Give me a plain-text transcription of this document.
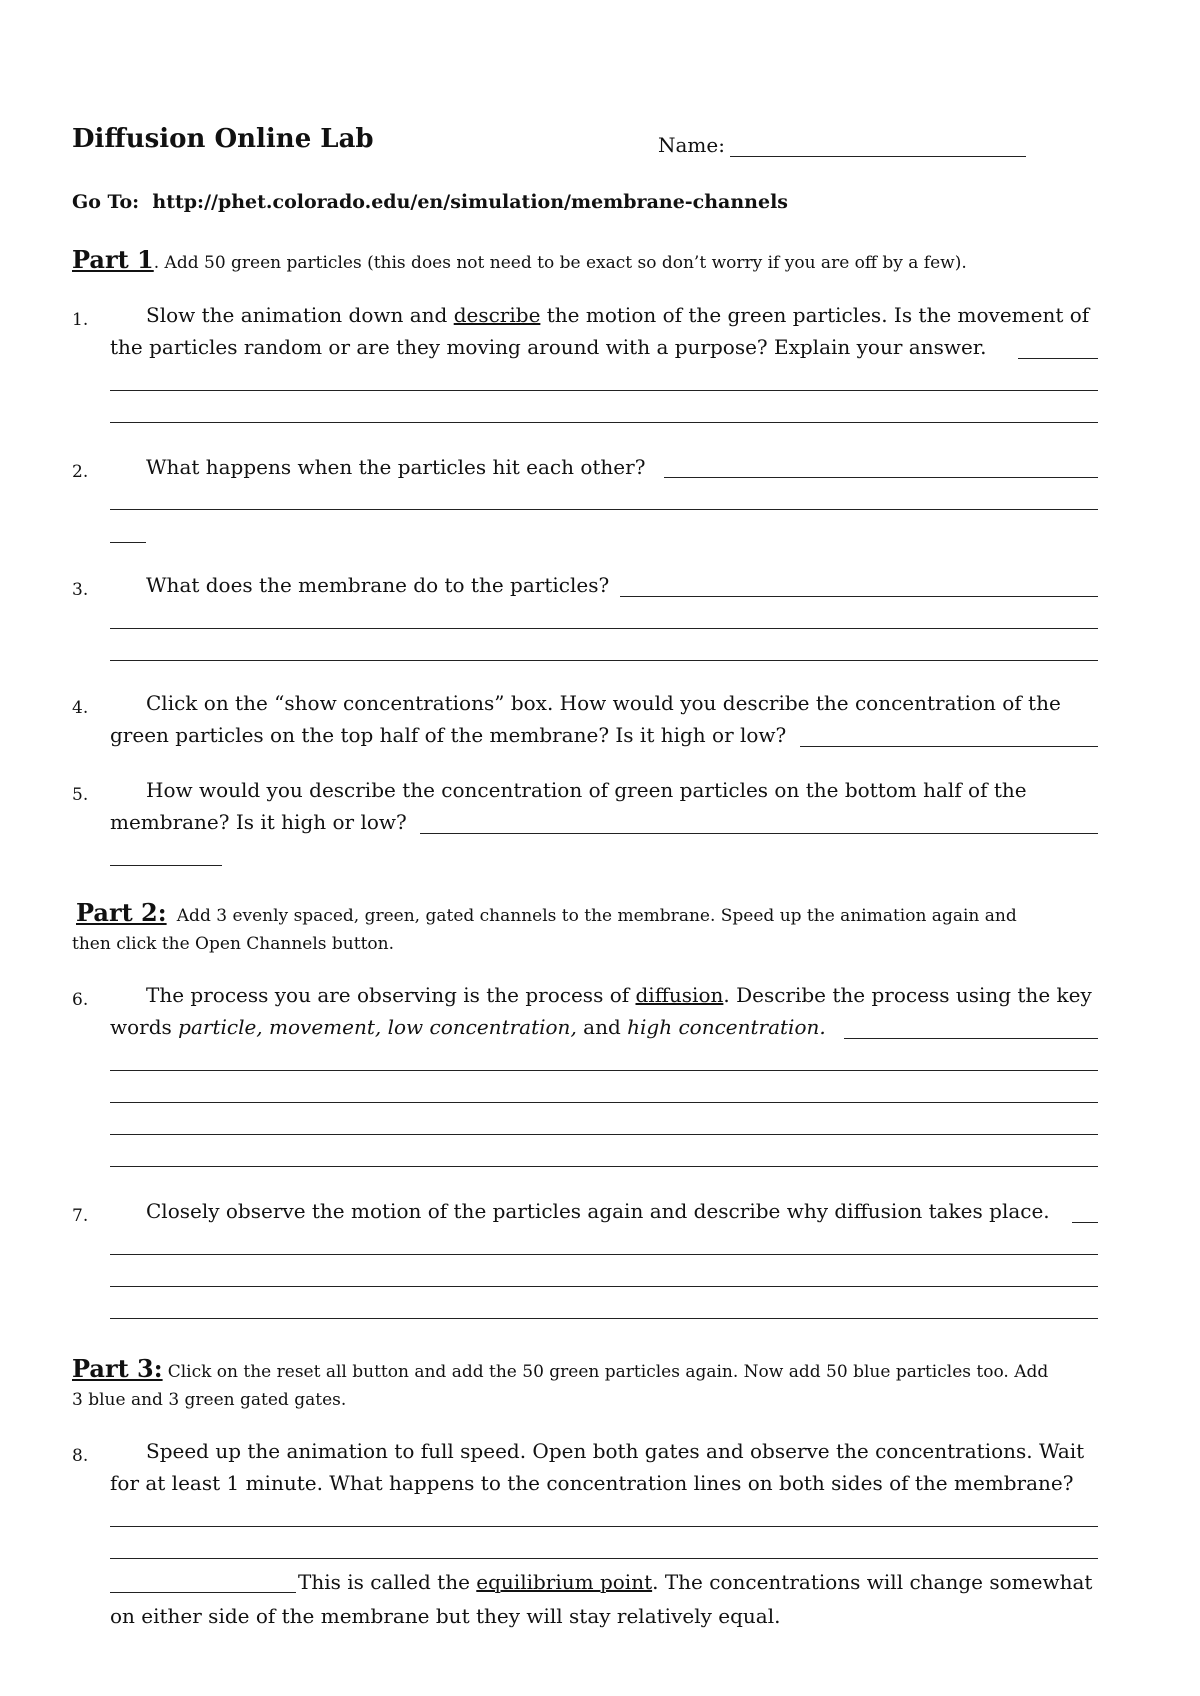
Diffusion Online Lab	Name:
Go To: http://phet.colorado.edu/en/simulation/membrane-channels
Part 1. Add 50 green particles (this does not need to be exact so don’t worry if you are off by a few).
1.	Slow the animation down and describe the motion of the green particles. Is the movement of
the particles random or are they moving around with a purpose? Explain your answer.
2.	What happens when the particles hit each other?
3.	What does the membrane do to the particles?
4.	Click on the “show concentrations” box. How would you describe the concentration of the
green particles on the top half of the membrane? Is it high or low?
5.	How would you describe the concentration of green particles on the bottom half of the
membrane? Is it high or low?
Part 2: Add 3 evenly spaced, green, gated channels to the membrane. Speed up the animation again and
then click the Open Channels button.
6.	The process you are observing is the process of diffusion. Describe the process using the key
words particle, movement, low concentration, and high concentration.
7.	Closely observe the motion of the particles again and describe why diffusion takes place.
Part 3: Click on the reset all button and add the 50 green particles again. Now add 50 blue particles too. Add
3 blue and 3 green gated gates.
8.	Speed up the animation to full speed. Open both gates and observe the concentrations. Wait
for at least 1 minute. What happens to the concentration lines on both sides of the membrane?
This is called the equilibrium point. The concentrations will change somewhat
on either side of the membrane but they will stay relatively equal.
